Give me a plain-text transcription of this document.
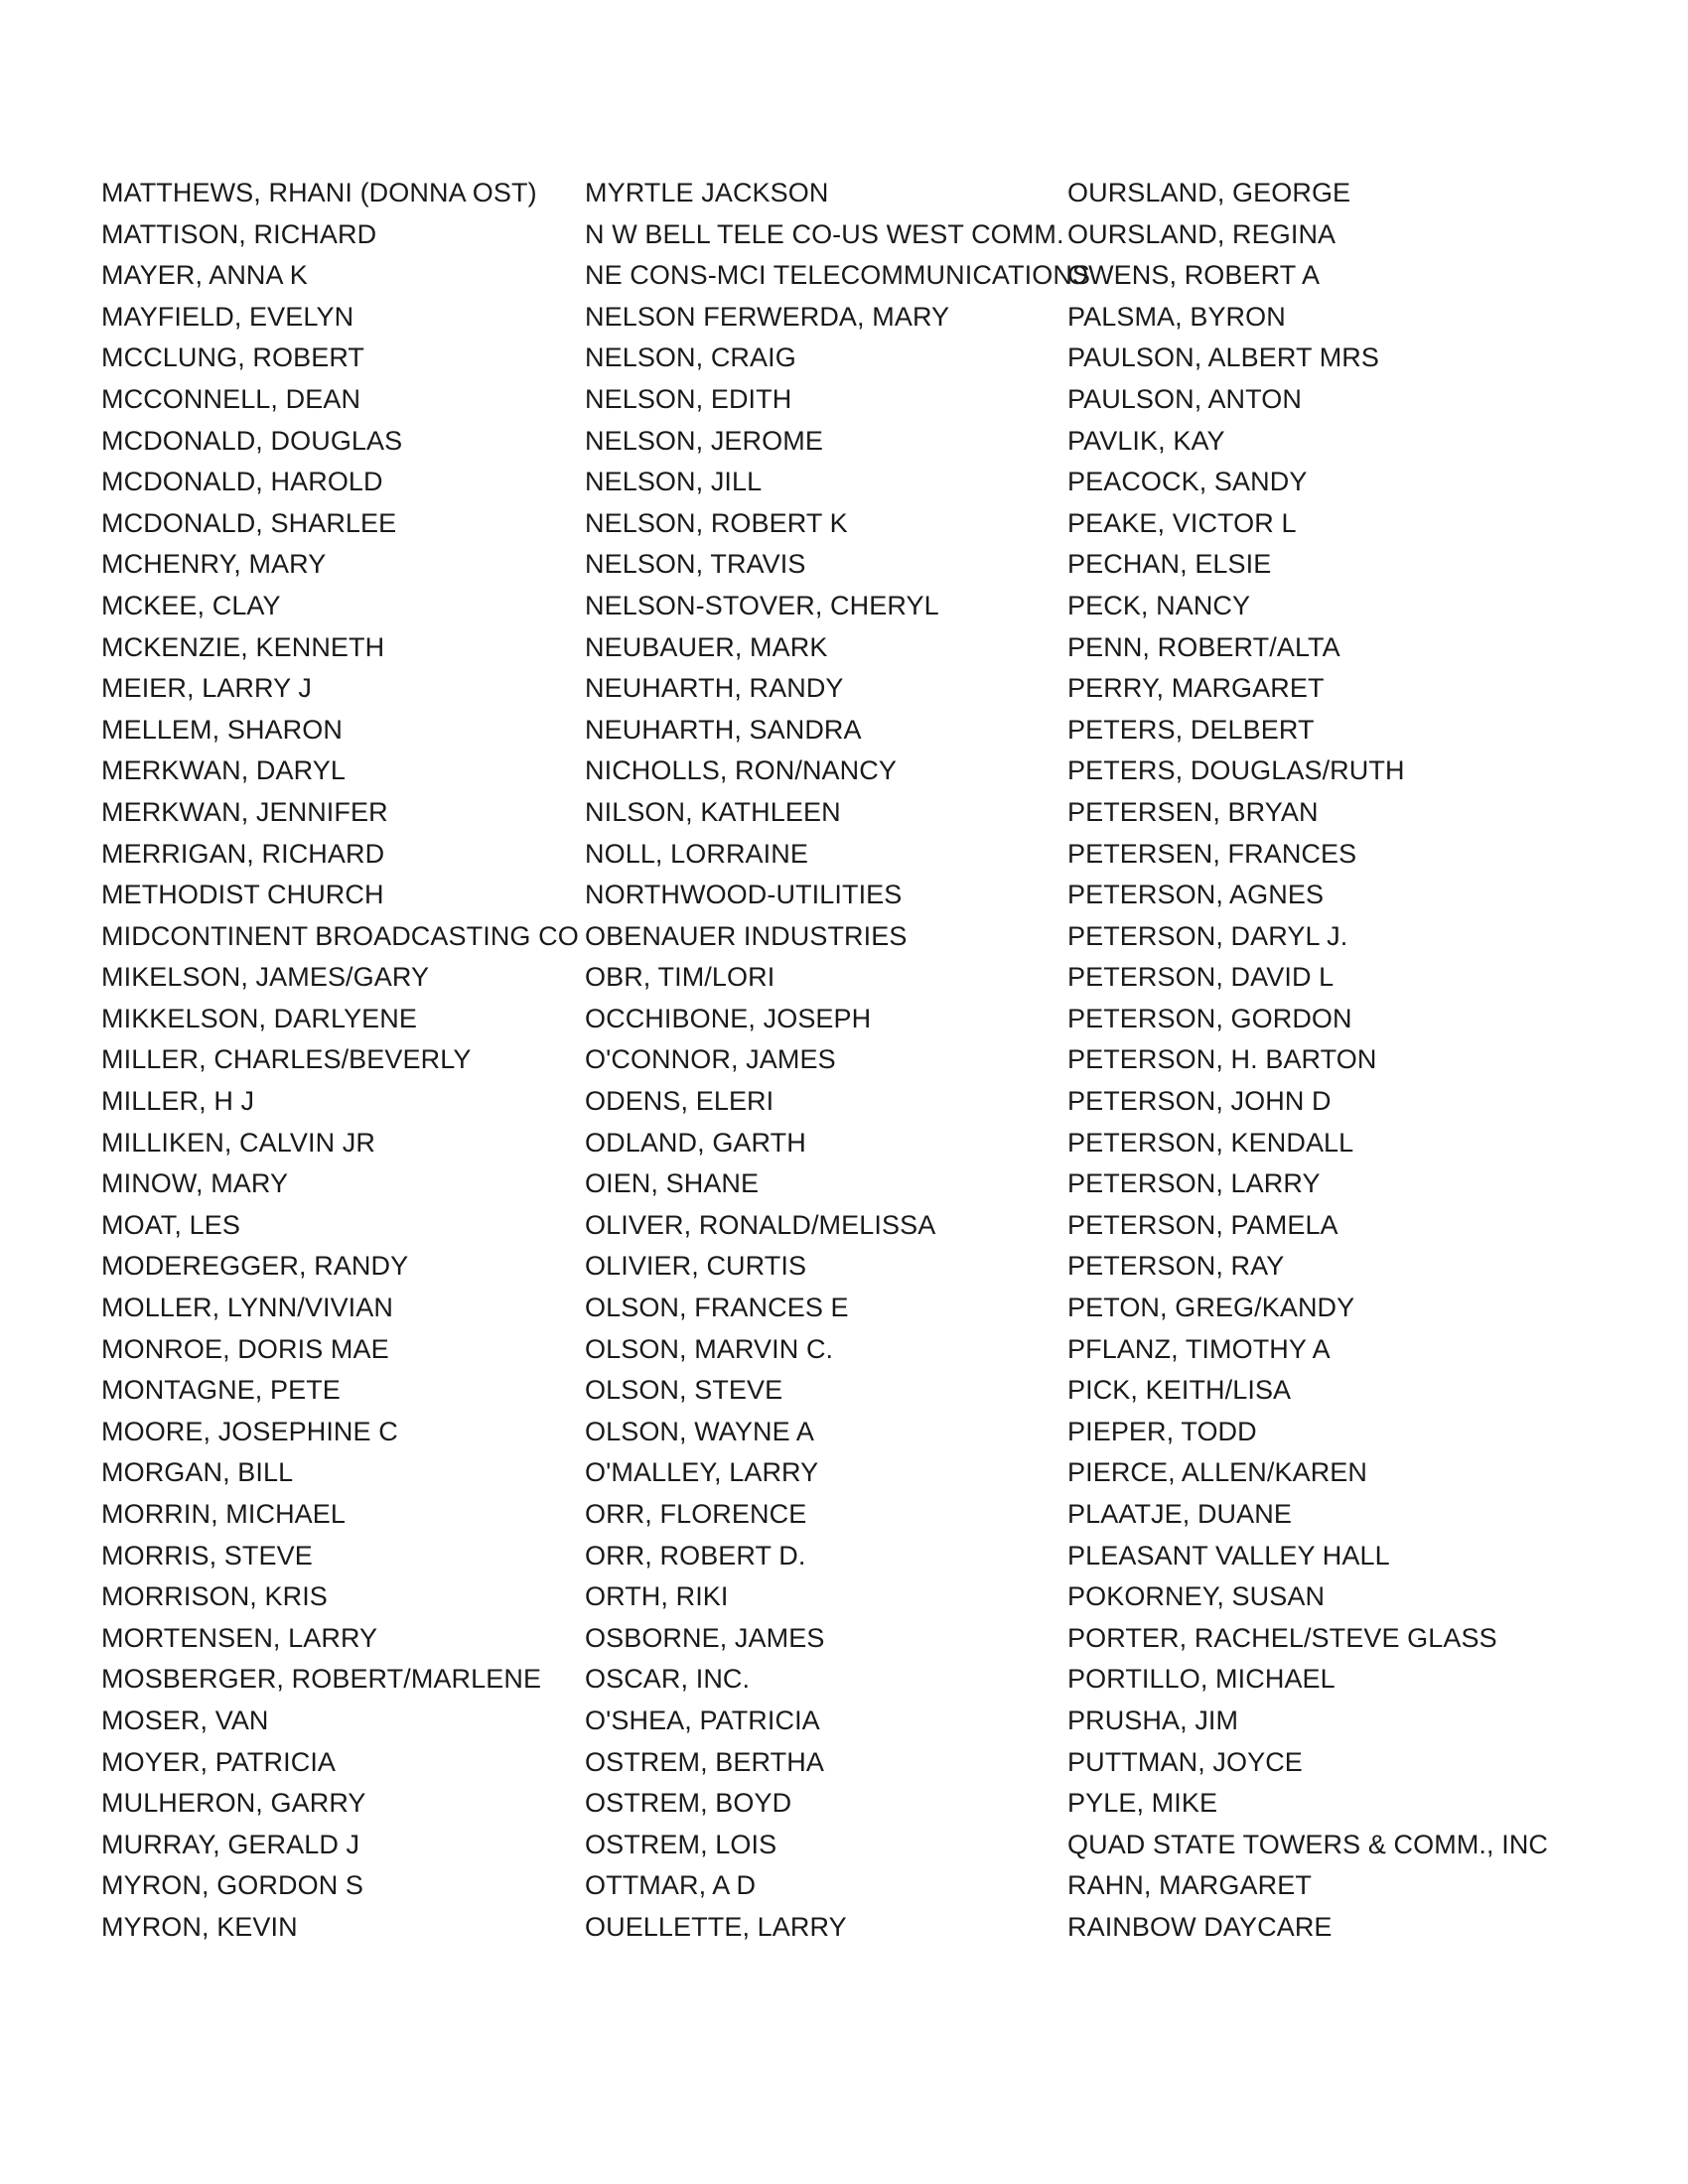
MATTHEWS, RHANI (DONNA OST)
MATTISON, RICHARD
MAYER, ANNA K
MAYFIELD, EVELYN
MCCLUNG, ROBERT
MCCONNELL, DEAN
MCDONALD, DOUGLAS
MCDONALD, HAROLD
MCDONALD, SHARLEE
MCHENRY, MARY
MCKEE, CLAY
MCKENZIE, KENNETH
MEIER, LARRY J
MELLEM, SHARON
MERKWAN, DARYL
MERKWAN, JENNIFER
MERRIGAN, RICHARD
METHODIST CHURCH
MIDCONTINENT BROADCASTING CO
MIKELSON, JAMES/GARY
MIKKELSON, DARLYENE
MILLER, CHARLES/BEVERLY
MILLER, H J
MILLIKEN, CALVIN JR
MINOW, MARY
MOAT, LES
MODEREGGER, RANDY
MOLLER, LYNN/VIVIAN
MONROE, DORIS MAE
MONTAGNE, PETE
MOORE, JOSEPHINE C
MORGAN, BILL
MORRIN, MICHAEL
MORRIS, STEVE
MORRISON, KRIS
MORTENSEN, LARRY
MOSBERGER, ROBERT/MARLENE
MOSER, VAN
MOYER, PATRICIA
MULHERON, GARRY
MURRAY, GERALD J
MYRON, GORDON S
MYRON, KEVIN
MYRTLE JACKSON
N W BELL TELE CO-US WEST COMM.
NE CONS-MCI TELECOMMUNICATIONS
NELSON FERWERDA, MARY
NELSON, CRAIG
NELSON, EDITH
NELSON, JEROME
NELSON, JILL
NELSON, ROBERT K
NELSON, TRAVIS
NELSON-STOVER, CHERYL
NEUBAUER, MARK
NEUHARTH, RANDY
NEUHARTH, SANDRA
NICHOLLS, RON/NANCY
NILSON, KATHLEEN
NOLL, LORRAINE
NORTHWOOD-UTILITIES
OBENAUER INDUSTRIES
OBR, TIM/LORI
OCCHIBONE, JOSEPH
O'CONNOR, JAMES
ODENS, ELERI
ODLAND, GARTH
OIEN, SHANE
OLIVER, RONALD/MELISSA
OLIVIER, CURTIS
OLSON, FRANCES E
OLSON, MARVIN C.
OLSON, STEVE
OLSON, WAYNE A
O'MALLEY, LARRY
ORR, FLORENCE
ORR, ROBERT D.
ORTH, RIKI
OSBORNE, JAMES
OSCAR, INC.
O'SHEA, PATRICIA
OSTREM, BERTHA
OSTREM, BOYD
OSTREM, LOIS
OTTMAR, A D
OUELLETTE, LARRY
OURSLAND, GEORGE
OURSLAND, REGINA
OWENS, ROBERT A
PALSMA, BYRON
PAULSON, ALBERT MRS
PAULSON, ANTON
PAVLIK, KAY
PEACOCK, SANDY
PEAKE, VICTOR L
PECHAN, ELSIE
PECK, NANCY
PENN, ROBERT/ALTA
PERRY, MARGARET
PETERS, DELBERT
PETERS, DOUGLAS/RUTH
PETERSEN, BRYAN
PETERSEN, FRANCES
PETERSON, AGNES
PETERSON, DARYL J.
PETERSON, DAVID L
PETERSON, GORDON
PETERSON, H. BARTON
PETERSON, JOHN D
PETERSON, KENDALL
PETERSON, LARRY
PETERSON, PAMELA
PETERSON, RAY
PETON, GREG/KANDY
PFLANZ, TIMOTHY A
PICK, KEITH/LISA
PIEPER, TODD
PIERCE, ALLEN/KAREN
PLAATJE, DUANE
PLEASANT VALLEY HALL
POKORNEY, SUSAN
PORTER, RACHEL/STEVE GLASS
PORTILLO, MICHAEL
PRUSHA, JIM
PUTTMAN, JOYCE
PYLE, MIKE
QUAD STATE TOWERS & COMM., INC
RAHN, MARGARET
RAINBOW DAYCARE
